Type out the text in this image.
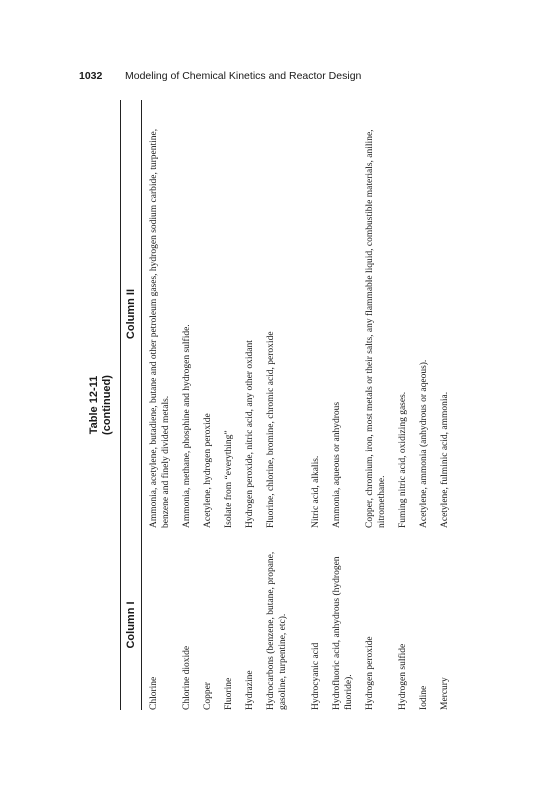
1032 Modeling of Chemical Kinetics and Reactor Design
Table 12-11 (continued)
Column I
Column II
Chlorine
Ammonia, acetylene, butadiene, butane and other petroleum gases, hydrogen sodium carbide, turpentine, benzene and finely divided metals.
Chlorine dioxide
Ammonia, methane, phosphine and hydrogen sulfide.
Copper
Acetylene, hydrogen peroxide
Fluorine
Isolate from “everything”
Hydrazine
Hydrogen peroxide, nitric acid, any other oxidant
Hydrocarbons (benzene, butane, propane, gasoline, turpentine, etc).
Fluorine, chlorine, bromine, chromic acid, peroxide
Hydrocyanic acid
Nitric acid, alkalis.
Hydrofluoric acid, anhydrous (hydrogen fluoride).
Ammonia, aqueous or anhydrous
Hydrogen peroxide
Copper, chromium, iron, most metals or their salts, any flammable liquid, combustible materials, aniline, nitromethane.
Hydrogen sulfide
Fuming nitric acid, oxidizing gases.
Iodine
Acetylene, ammonia (anhydrous or aqeous).
Mercury
Acetylene, fulminic acid, ammonia.
